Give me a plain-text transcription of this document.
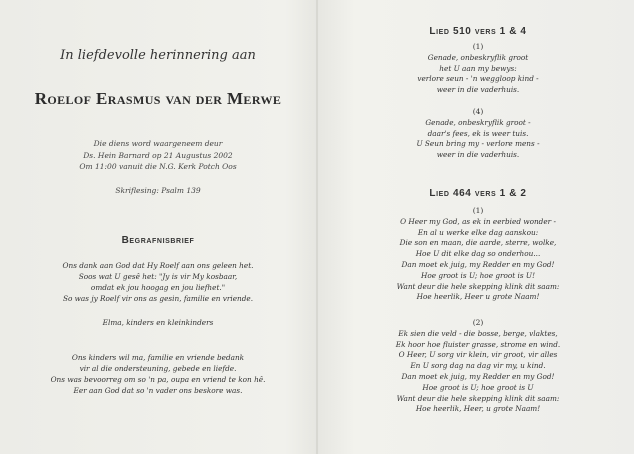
In liefdevolle herinnering aan
Roelof Erasmus van der Merwe
Die diens word waargeneem deur
Ds. Hein Barnard op 21 Augustus 2002
Om 11:00 vanuit die N.G. Kerk Potch Oos
Skriflesing: Psalm 139
Begrafnisbrief
Ons dank aan God dat Hy Roelf aan ons geleen het.
Soos wat U gesê het: "Jy is vir My kosbaar,
omdat ek jou hoogag en jou liefhet."
So was jy Roelf vir ons as gesin, familie en vriende.
Elma, kinders en kleinkinders
Ons kinders wil ma, familie en vriende bedank
vir al die ondersteuning, gebede en liefde.
Ons was bevoorreg om so 'n pa, oupa en vriend te kon hê.
Eer aan God dat so 'n vader ons beskore was.
Lied 510 vers 1 & 4
(1)
Genade, onbeskryflik groot
het U aan my bewys:
verlore seun - 'n weggloop kind -
weer in die vaderhuis.
(4)
Genade, onbeskryflik groot -
daar's fees, ek is weer tuis.
U Seun bring my - verlore mens -
weer in die vaderhuis.
Lied 464 vers 1 & 2
(1)
O Heer my God, as ek in eerbied wonder -
En al u werke elke dag aanskou:
Die son en maan, die aarde, sterre, wolke,
Hoe U dit elke dag so onderhou...
Dan moet ek juig, my Redder en my God!
Hoe groot is U; hoe groot is U!
Want deur die hele skepping klink dit saam:
Hoe heerlik, Heer u grote Naam!
(2)
Ek sien die veld - die bosse, berge, vlaktes,
Ek hoor hoe fluister grasse, strome en wind.
O Heer, U sorg vir klein, vir groot, vir alles
En U sorg dag na dag vir my, u kind.
Dan moet ek juig, my Redder en my God!
Hoe groot is U; hoe groot is U
Want deur die hele skepping klink dit saam:
Hoe heerlik, Heer, u grote Naam!
